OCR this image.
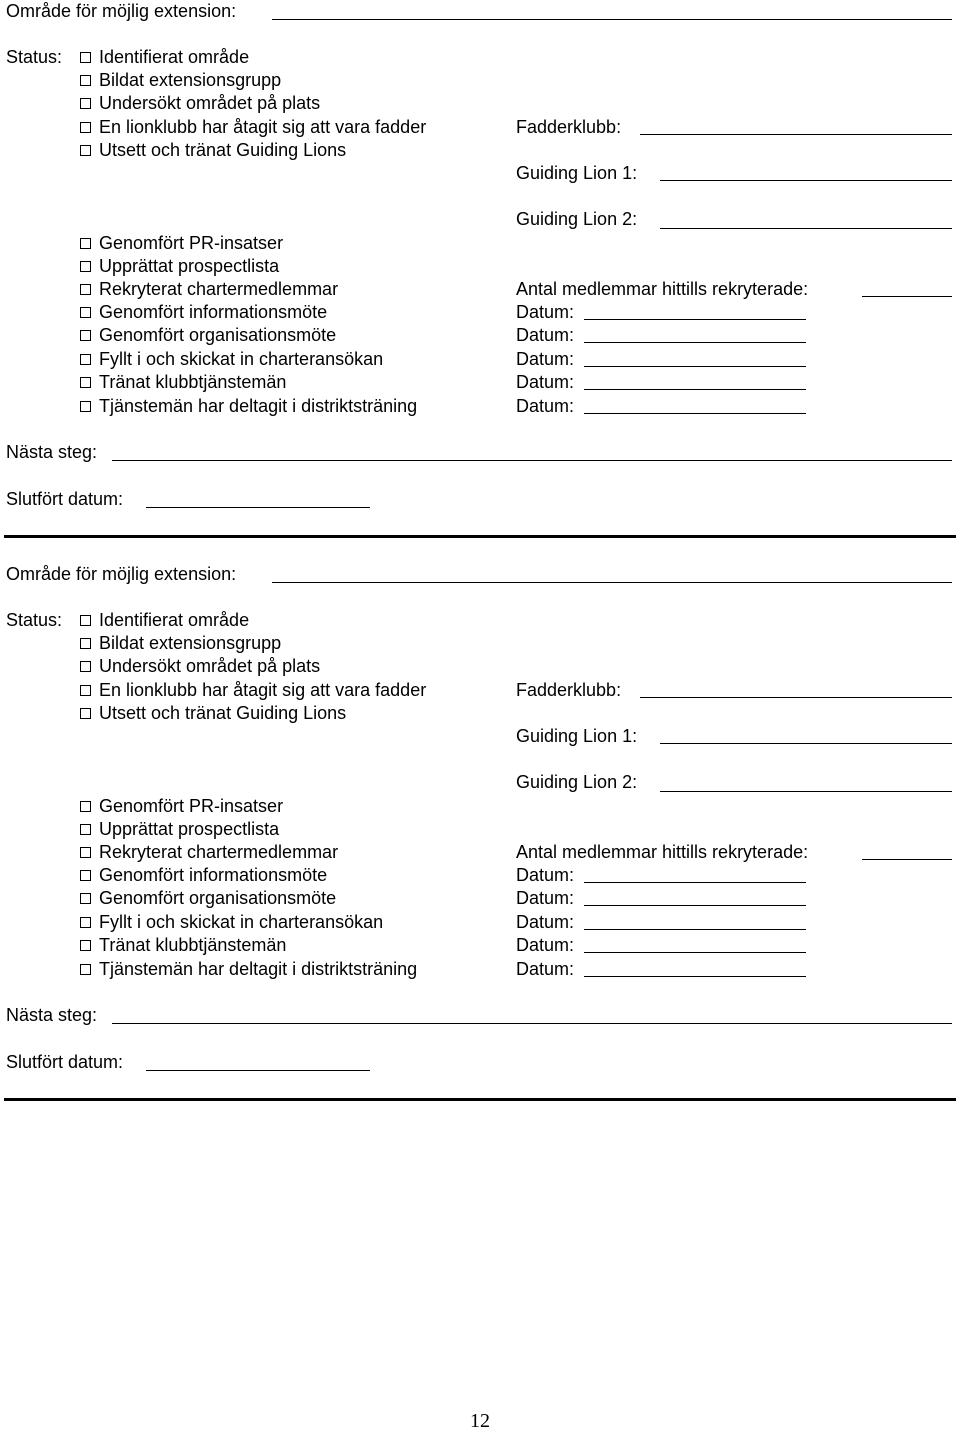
Område för möjlig extension:
Status:	Identifierat område
Bildat extensionsgrupp
Undersökt området på plats
En lionklubb har åtagit sig att vara fadder
Utsett och tränat Guiding Lions
Fadderklubb:
Guiding Lion 1:
Guiding Lion 2:
Genomfört PR-insatser
Upprättat prospectlista
Rekryterat chartermedlemmar
Genomfört informationsmöte
Genomfört organisationsmöte
Fyllt i och skickat in charteransökan
Tränat klubbtjänstemän
Tjänstemän har deltagit i distriktsträning
Antal medlemmar hittills rekryterade:
Datum:
Datum:
Datum:
Datum:
Datum:
Nästa steg:
Slutfört datum:
Område för möjlig extension:
Status:	Identifierat område
Bildat extensionsgrupp
Undersökt området på plats
En lionklubb har åtagit sig att vara fadder
Utsett och tränat Guiding Lions
Fadderklubb:
Guiding Lion 1:
Guiding Lion 2:
Genomfört PR-insatser
Upprättat prospectlista
Rekryterat chartermedlemmar
Genomfört informationsmöte
Genomfört organisationsmöte
Fyllt i och skickat in charteransökan
Tränat klubbtjänstemän
Tjänstemän har deltagit i distriktsträning
Antal medlemmar hittills rekryterade:
Datum:
Datum:
Datum:
Datum:
Datum:
Nästa steg:
Slutfört datum:
12
